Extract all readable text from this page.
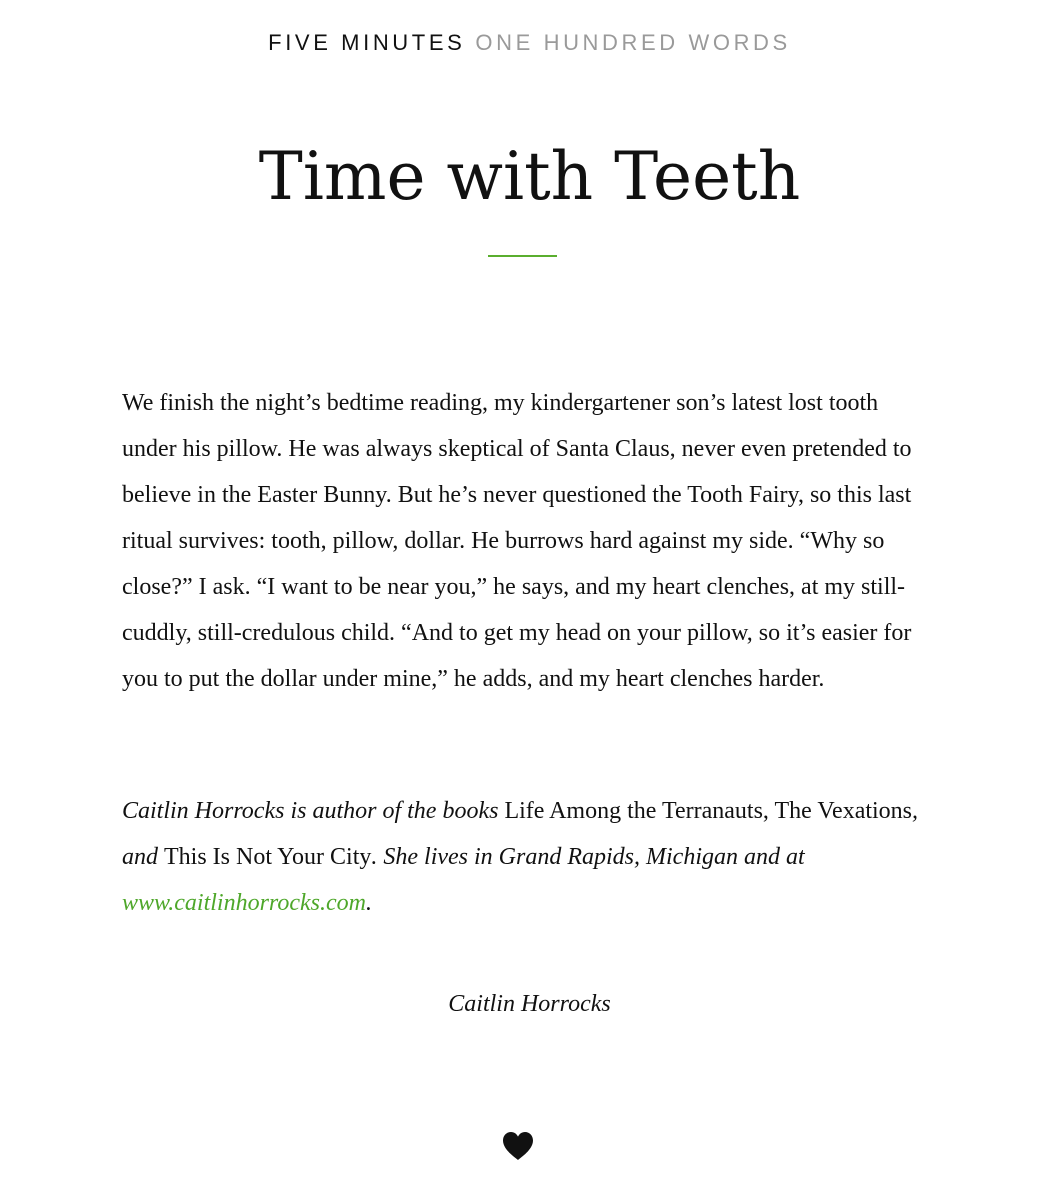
FIVE MINUTES ONE HUNDRED WORDS
Time with Teeth

We finish the night’s bedtime reading, my kindergartener son’s latest lost tooth under his pillow. He was always skeptical of Santa Claus, never even pretended to believe in the Easter Bunny. But he’s never questioned the Tooth Fairy, so this last ritual survives: tooth, pillow, dollar. He burrows hard against my side. “Why so close?” I ask. “I want to be near you,” he says, and my heart clenches, at my still-cuddly, still-credulous child. “And to get my head on your pillow, so it’s easier for you to put the dollar under mine,” he adds, and my heart clenches harder.

Caitlin Horrocks is author of the books Life Among the Terranauts, The Vexations, and This Is Not Your City. She lives in Grand Rapids, Michigan and at www.caitlinhorrocks.com.

Caitlin Horrocks
